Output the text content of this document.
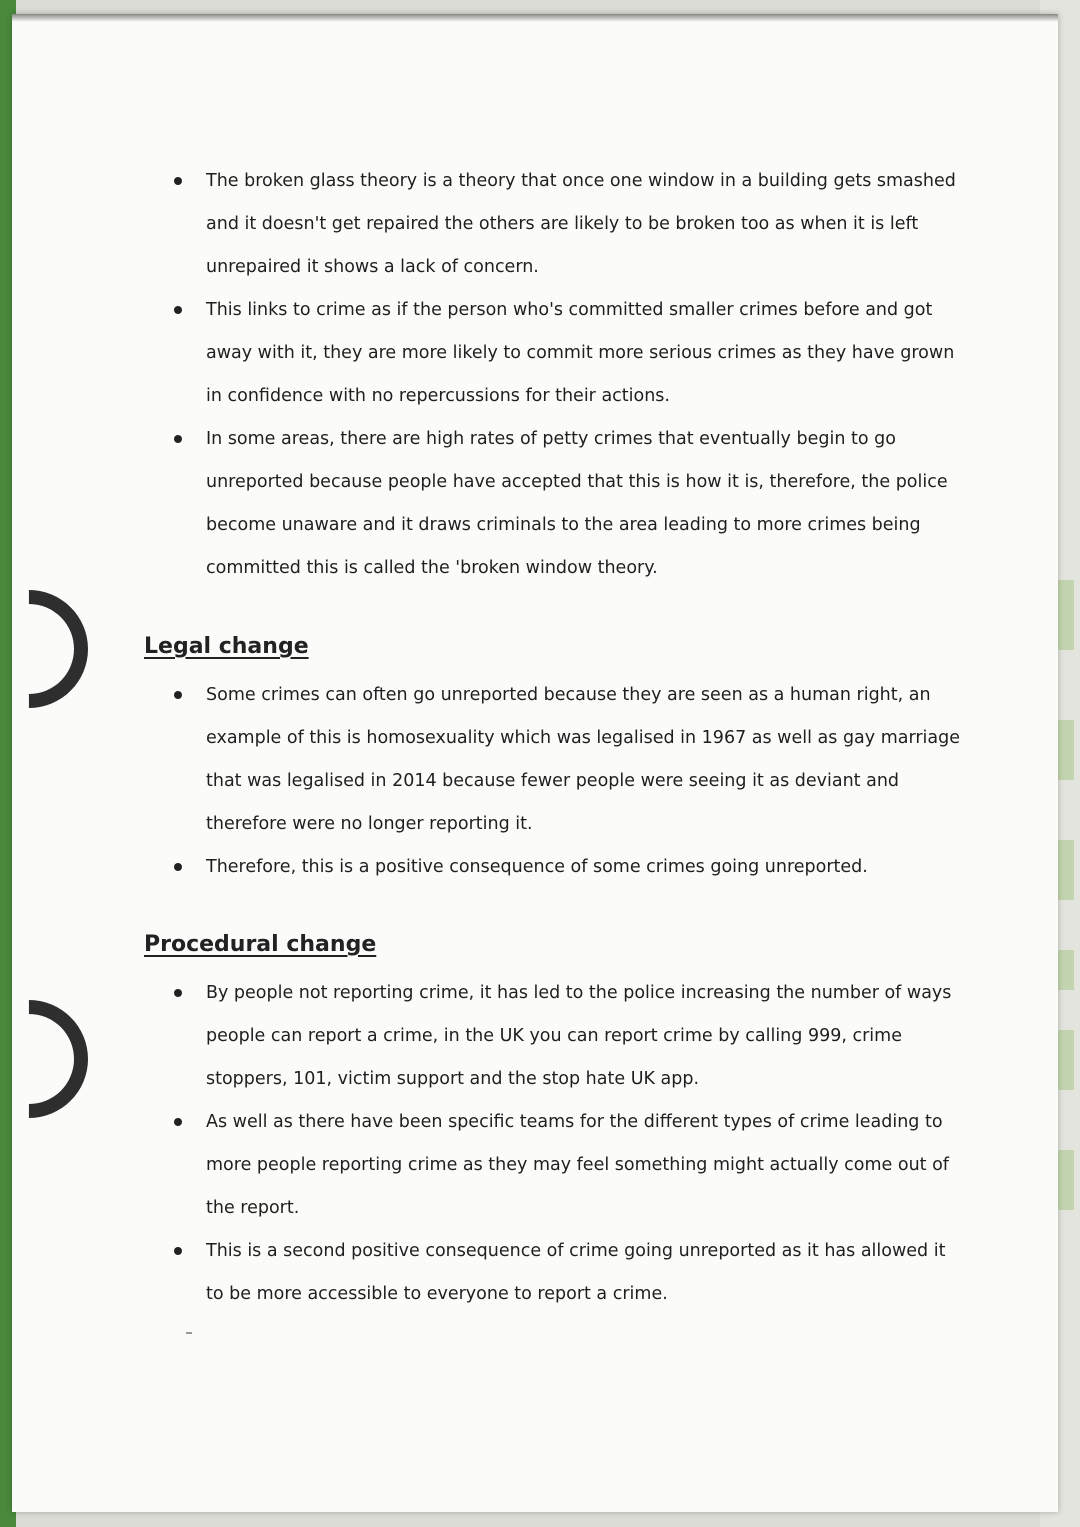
The broken glass theory is a theory that once one window in a building gets smashed and it doesn't get repaired the others are likely to be broken too as when it is left unrepaired it shows a lack of concern.
This links to crime as if the person who's committed smaller crimes before and got away with it, they are more likely to commit more serious crimes as they have grown in confidence with no repercussions for their actions.
In some areas, there are high rates of petty crimes that eventually begin to go unreported because people have accepted that this is how it is, therefore, the police become unaware and it draws criminals to the area leading to more crimes being committed this is called the 'broken window theory.
Legal change
Some crimes can often go unreported because they are seen as a human right, an example of this is homosexuality which was legalised in 1967 as well as gay marriage that was legalised in 2014 because fewer people were seeing it as deviant and therefore were no longer reporting it.
Therefore, this is a positive consequence of some crimes going unreported.
Procedural change
By people not reporting crime, it has led to the police increasing the number of ways people can report a crime, in the UK you can report crime by calling 999, crime stoppers, 101, victim support and the stop hate UK app.
As well as there have been specific teams for the different types of crime leading to more people reporting crime as they may feel something might actually come out of the report.
This is a second positive consequence of crime going unreported as it has allowed it to be more accessible to everyone to report a crime.
